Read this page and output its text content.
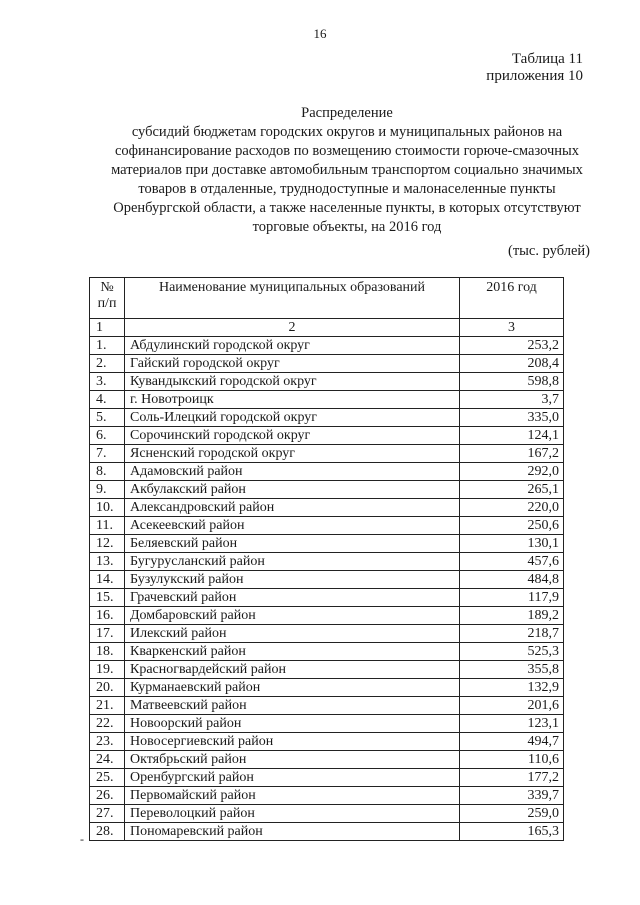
16
Таблица 11
приложения 10
Распределение
субсидий бюджетам городских округов и муниципальных районов на
софинансирование расходов по возмещению стоимости горюче-смазочных
материалов при доставке автомобильным транспортом социально значимых
товаров в отдаленные, труднодоступные и малонаселенные пункты
Оренбургской области, а также населенные пункты, в которых отсутствуют
торговые объекты, на 2016 год
(тыс. рублей)
№
п/п	Наименование муниципальных образований	2016 год
1	2	3
1.	Абдулинский городской округ	253,2
2.	Гайский городской округ	208,4
3.	Кувандыкский городской округ	598,8
4.	г. Новотроицк	3,7
5.	Соль-Илецкий городской округ	335,0
6.	Сорочинский городской округ	124,1
7.	Ясненский городской округ	167,2
8.	Адамовский район	292,0
9.	Акбулакский район	265,1
10.	Александровский район	220,0
11.	Асекеевский район	250,6
12.	Беляевский район	130,1
13.	Бугурусланский район	457,6
14.	Бузулукский район	484,8
15.	Грачевский район	117,9
16.	Домбаровский район	189,2
17.	Илекский район	218,7
18.	Кваркенский район	525,3
19.	Красногвардейский район	355,8
20.	Курманаевский район	132,9
21.	Матвеевский район	201,6
22.	Новоорский район	123,1
23.	Новосергиевский район	494,7
24.	Октябрьский район	110,6
25.	Оренбургский район	177,2
26.	Первомайский район	339,7
27.	Переволоцкий район	259,0
28.	Пономаревский район	165,3
-
